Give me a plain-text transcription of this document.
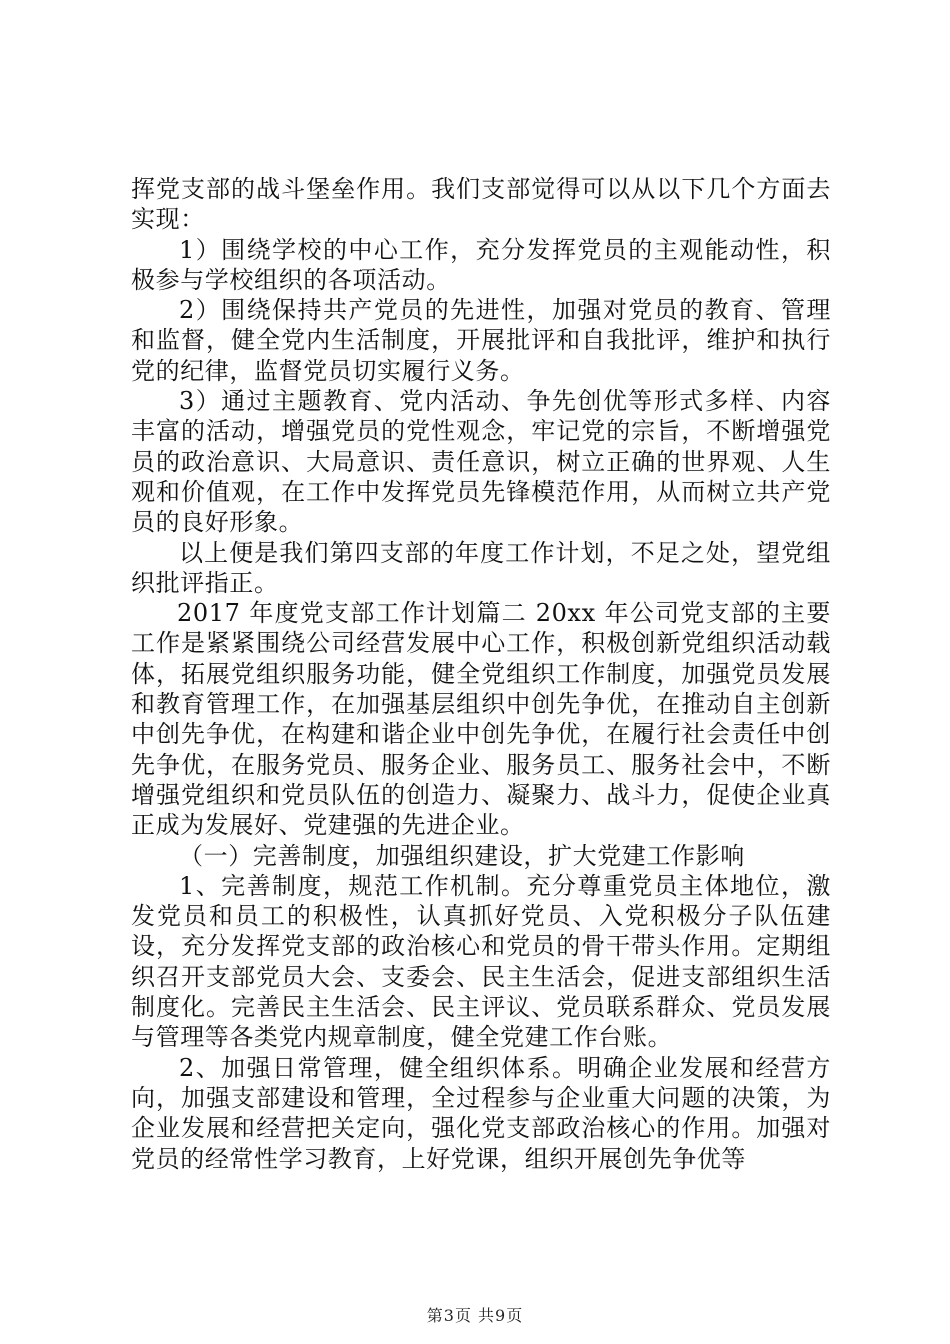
挥党支部的战斗堡垒作用。我们支部觉得可以从以下几个方面去实现：

1）围绕学校的中心工作，充分发挥党员的主观能动性，积极参与学校组织的各项活动。

2）围绕保持共产党员的先进性，加强对党员的教育、管理和监督，健全党内生活制度，开展批评和自我批评，维护和执行党的纪律，监督党员切实履行义务。

3）通过主题教育、党内活动、争先创优等形式多样、内容丰富的活动，增强党员的党性观念，牢记党的宗旨，不断增强党员的政治意识、大局意识、责任意识，树立正确的世界观、人生观和价值观，在工作中发挥党员先锋模范作用，从而树立共产党员的良好形象。

以上便是我们第四支部的年度工作计划，不足之处，望党组织批评指正。

2017 年度党支部工作计划篇二 20xx 年公司党支部的主要工作是紧紧围绕公司经营发展中心工作，积极创新党组织活动载体，拓展党组织服务功能，健全党组织工作制度，加强党员发展和教育管理工作，在加强基层组织中创先争优，在推动自主创新中创先争优，在构建和谐企业中创先争优，在履行社会责任中创先争优，在服务党员、服务企业、服务员工、服务社会中，不断增强党组织和党员队伍的创造力、凝聚力、战斗力，促使企业真正成为发展好、党建强的先进企业。

（一）完善制度，加强组织建设，扩大党建工作影响

1、完善制度，规范工作机制。充分尊重党员主体地位，激发党员和员工的积极性，认真抓好党员、入党积极分子队伍建设，充分发挥党支部的政治核心和党员的骨干带头作用。定期组织召开支部党员大会、支委会、民主生活会，促进支部组织生活制度化。完善民主生活会、民主评议、党员联系群众、党员发展与管理等各类党内规章制度，健全党建工作台账。

2、加强日常管理，健全组织体系。明确企业发展和经营方向，加强支部建设和管理，全过程参与企业重大问题的决策，为企业发展和经营把关定向，强化党支部政治核心的作用。加强对党员的经常性学习教育，上好党课，组织开展创先争优等

第3页 共9页
